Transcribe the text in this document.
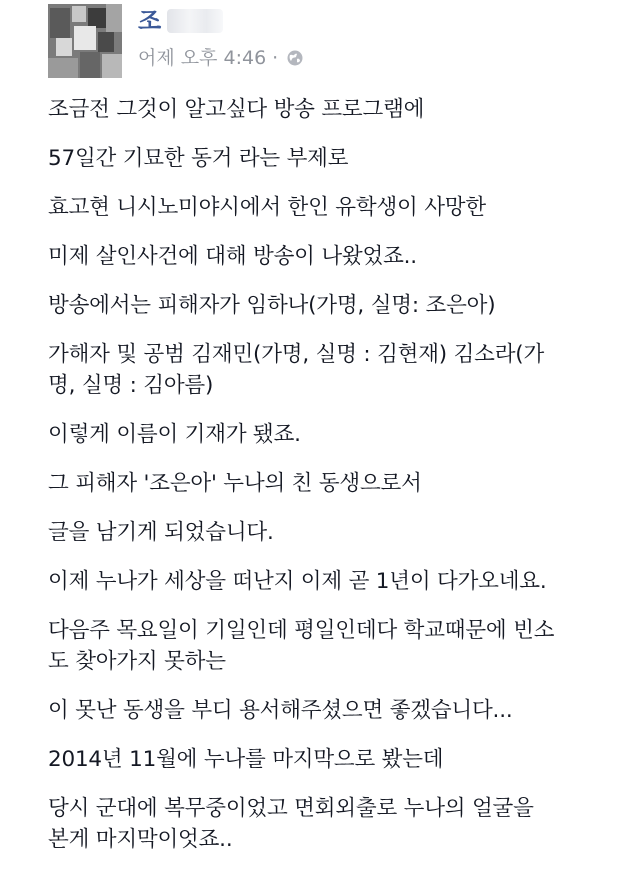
조
어제 오후 4:46 ·

조금전 그것이 알고싶다 방송 프로그램에

57일간 기묘한 동거 라는 부제로

효고현 니시노미야시에서 한인 유학생이 사망한

미제 살인사건에 대해 방송이 나왔었죠..

방송에서는 피해자가 임하나(가명, 실명: 조은아)

가해자 및 공범 김재민(가명, 실명 : 김현재) 김소라(가
명, 실명 : 김아름)

이렇게 이름이 기재가 됐죠.

그 피해자 '조은아' 누나의 친 동생으로서

글을 남기게 되었습니다.

이제 누나가 세상을 떠난지 이제 곧 1년이 다가오네요.

다음주 목요일이 기일인데 평일인데다 학교때문에 빈소
도 찾아가지 못하는

이 못난 동생을 부디 용서해주셨으면 좋겠습니다...

2014년 11월에 누나를 마지막으로 봤는데

당시 군대에 복무중이었고 면회외출로 누나의 얼굴을
본게 마지막이엇죠..
